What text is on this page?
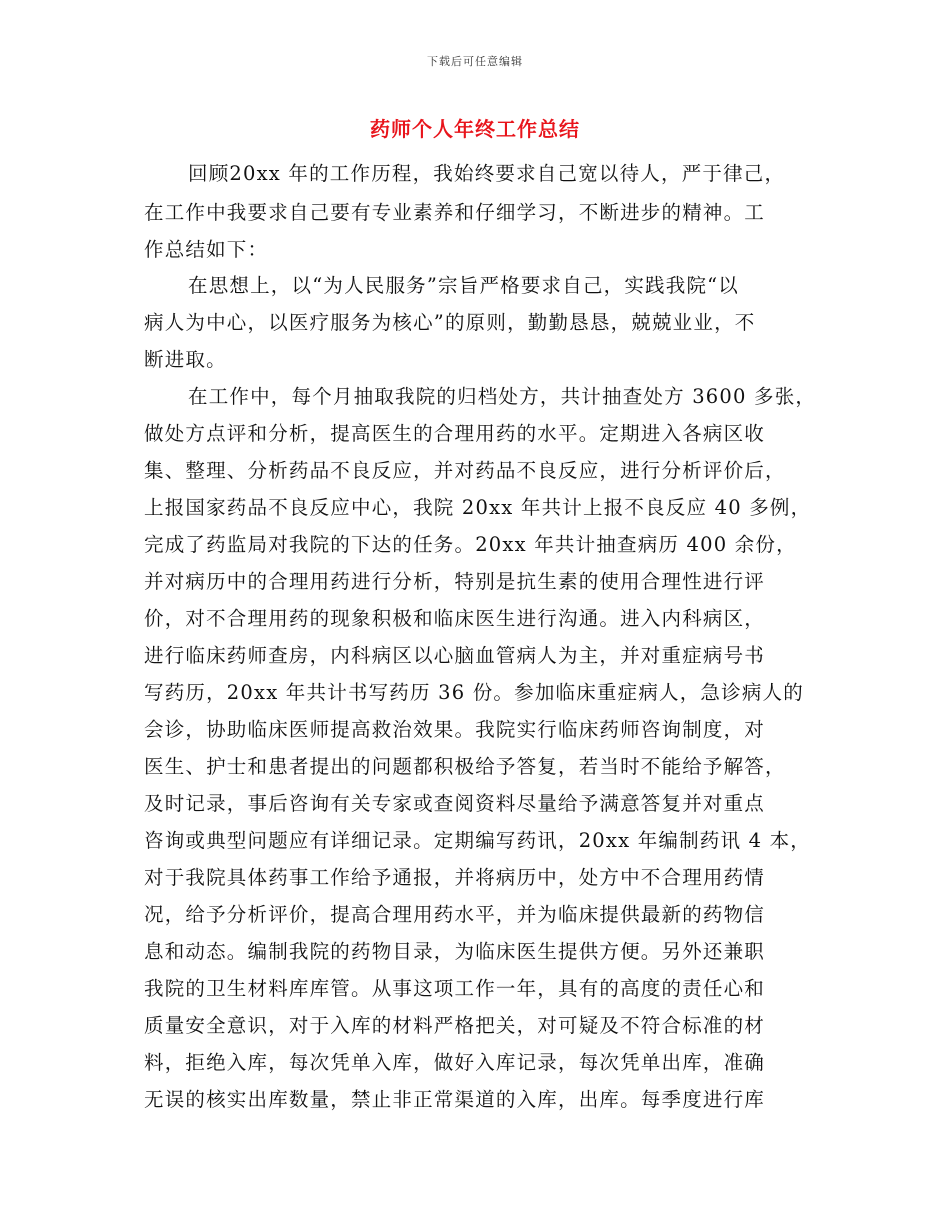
下载后可任意编辑
药师个人年终工作总结
回顾20xx 年的工作历程，我始终要求自己宽以待人，严于律己，
在工作中我要求自己要有专业素养和仔细学习，不断进步的精神。工
作总结如下：
在思想上，以“为人民服务”宗旨严格要求自己，实践我院“以
病人为中心，以医疗服务为核心”的原则，勤勤恳恳，兢兢业业，不
断进取。
在工作中，每个月抽取我院的归档处方，共计抽查处方 3600 多张，
做处方点评和分析，提高医生的合理用药的水平。定期进入各病区收
集、整理、分析药品不良反应，并对药品不良反应，进行分析评价后，
上报国家药品不良反应中心，我院 20xx 年共计上报不良反应 40 多例，
完成了药监局对我院的下达的任务。20xx 年共计抽查病历 400 余份，
并对病历中的合理用药进行分析，特别是抗生素的使用合理性进行评
价，对不合理用药的现象积极和临床医生进行沟通。进入内科病区，
进行临床药师查房，内科病区以心脑血管病人为主，并对重症病号书
写药历，20xx 年共计书写药历 36 份。参加临床重症病人，急诊病人的
会诊，协助临床医师提高救治效果。我院实行临床药师咨询制度，对
医生、护士和患者提出的问题都积极给予答复，若当时不能给予解答，
及时记录，事后咨询有关专家或查阅资料尽量给予满意答复并对重点
咨询或典型问题应有详细记录。定期编写药讯，20xx 年编制药讯 4 本，
对于我院具体药事工作给予通报，并将病历中，处方中不合理用药情
况，给予分析评价，提高合理用药水平，并为临床提供最新的药物信
息和动态。编制我院的药物目录，为临床医生提供方便。另外还兼职
我院的卫生材料库库管。从事这项工作一年，具有的高度的责任心和
质量安全意识，对于入库的材料严格把关，对可疑及不符合标准的材
料，拒绝入库，每次凭单入库，做好入库记录，每次凭单出库，准确
无误的核实出库数量，禁止非正常渠道的入库，出库。每季度进行库
